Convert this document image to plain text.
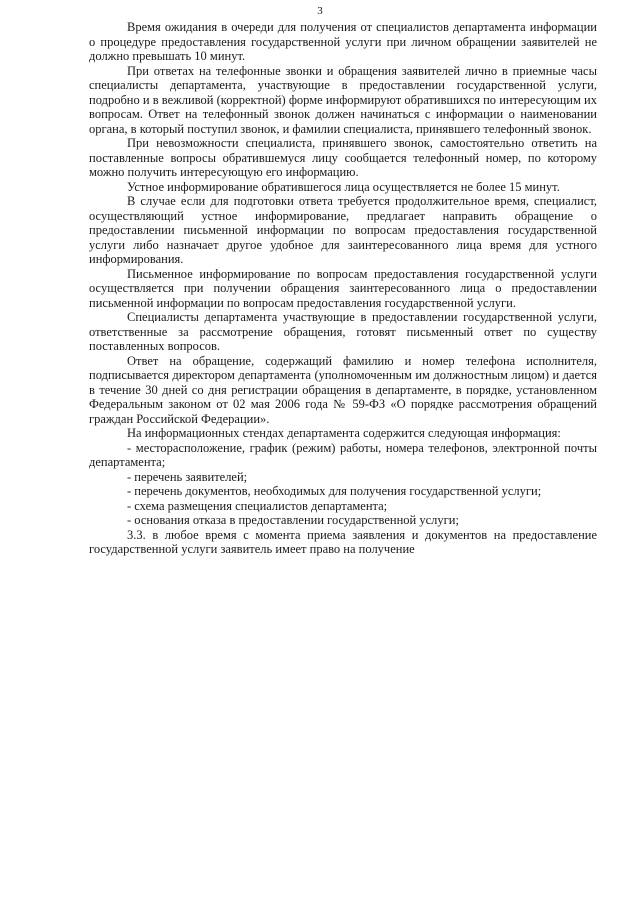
3

Время ожидания в очереди для получения от специалистов департамента информации о процедуре предоставления государственной услуги при личном обращении заявителей не должно превышать 10 минут.

При ответах на телефонные звонки и обращения заявителей лично в приемные часы специалисты департамента, участвующие в предоставлении государственной услуги, подробно и в вежливой (корректной) форме информируют обратившихся по интересующим их вопросам. Ответ на телефонный звонок должен начинаться с информации о наименовании органа, в который поступил звонок, и фамилии специалиста, принявшего телефонный звонок.

При невозможности специалиста, принявшего звонок, самостоятельно ответить на поставленные вопросы обратившемуся лицу сообщается телефонный номер, по которому можно получить интересующую его информацию.

Устное информирование обратившегося лица осуществляется не более 15 минут.

В случае если для подготовки ответа требуется продолжительное время, специалист, осуществляющий устное информирование, предлагает направить обращение о предоставлении письменной информации по вопросам предоставления государственной услуги либо назначает другое удобное для заинтересованного лица время для устного информирования.

Письменное информирование по вопросам предоставления государственной услуги осуществляется при получении обращения заинтересованного лица о предоставлении письменной информации по вопросам предоставления государственной услуги.

Специалисты департамента участвующие в предоставлении государственной услуги, ответственные за рассмотрение обращения, готовят письменный ответ по существу поставленных вопросов.

Ответ на обращение, содержащий фамилию и номер телефона исполнителя, подписывается директором департамента (уполномоченным им должностным лицом) и дается в течение 30 дней со дня регистрации обращения в департаменте, в порядке, установленном Федеральным законом от 02 мая 2006 года № 59-ФЗ «О порядке рассмотрения обращений граждан Российской Федерации».

На информационных стендах департамента содержится следующая информация:

- месторасположение, график (режим) работы, номера телефонов, электронной почты департамента;

- перечень заявителей;

- перечень документов, необходимых для получения государственной услуги;

- схема размещения специалистов департамента;

- основания отказа в предоставлении государственной услуги;

3.3. в любое время с момента приема заявления и документов на предоставление государственной услуги заявитель имеет право на получение
